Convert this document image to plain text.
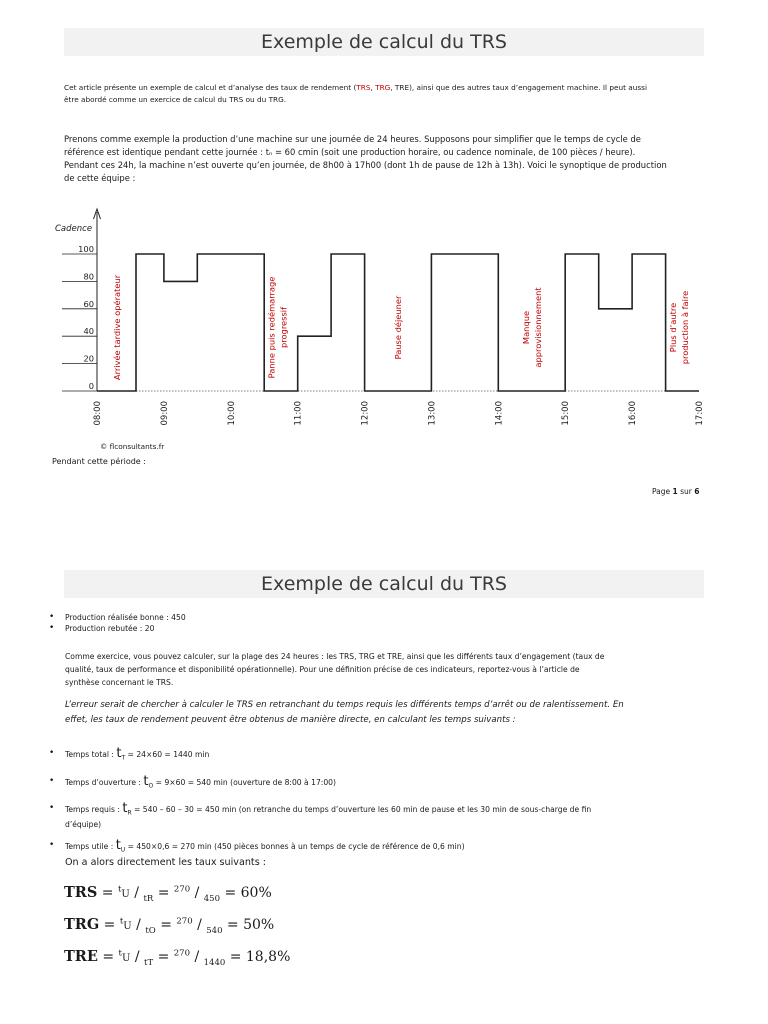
Exemple de calcul du TRS
Cet article présente un exemple de calcul et d’analyse des taux de rendement (TRS, TRG, TRE), ainsi que des autres taux d’engagement machine. Il peut aussi
être abordé comme un exercice de calcul du TRS ou du TRG.
Prenons comme exemple la production d’une machine sur une journée de 24 heures. Supposons pour simplifier que le temps de cycle de
référence est identique pendant cette journée : tₙ = 60 cmin (soit une production horaire, ou cadence nominale, de 100 pièces / heure).
Pendant ces 24h, la machine n’est ouverte qu’en journée, de 8h00 à 17h00 (dont 1h de pause de 12h à 13h). Voici le synoptique de production
de cette équipe :
Cadence
0
20
40
60
80
100
08:00	09:00	10:00	11:00	12:00	13:00	14:00	15:00	16:00	17:00
Arrivée tardive opérateur	Panne puis redémarrage progressif	Pause déjeuner	Manque approvisionnement	Plus d’autre production à faire
© flconsultants.fr
Pendant cette période :
Page 1 sur 6
Exemple de calcul du TRS
• Production réalisée bonne : 450
• Production rebutée : 20
Comme exercice, vous pouvez calculer, sur la plage des 24 heures : les TRS, TRG et TRE, ainsi que les différents taux d’engagement (taux de
qualité, taux de performance et disponibilité opérationnelle). Pour une définition précise de ces indicateurs, reportez-vous à l’article de
synthèse concernant le TRS.
L’erreur serait de chercher à calculer le TRS en retranchant du temps requis les différents temps d’arrêt ou de ralentissement. En
effet, les taux de rendement peuvent être obtenus de manière directe, en calculant les temps suivants :
• Temps total : $t_T = 24\times 60 = 1440$ min
• Temps d’ouverture : $t_O = 9\times 60 = 540$ min (ouverture de 8:00 à 17:00)
• Temps requis : $t_R = 540 - 60 - 30 = 450$ min (on retranche du temps d’ouverture les 60 min de pause et les 30 min de sous-charge de fin
d’équipe)
• Temps utile : $t_U = 450\times 0,6 = 270$ min (450 pièces bonnes à un temps de cycle de référence de 0,6 min)
On a alors directement les taux suivants :
TRS = $^t$U / $_{tR}$ = $^{270}$ / $_{450}$ = 60%
TRG = $^t$U / $_{tO}$ = $^{270}$ / $_{540}$ = 50%
TRE = $^t$U / $_{tT}$ = $^{270}$ / $_{1440}$ = 18,8%
